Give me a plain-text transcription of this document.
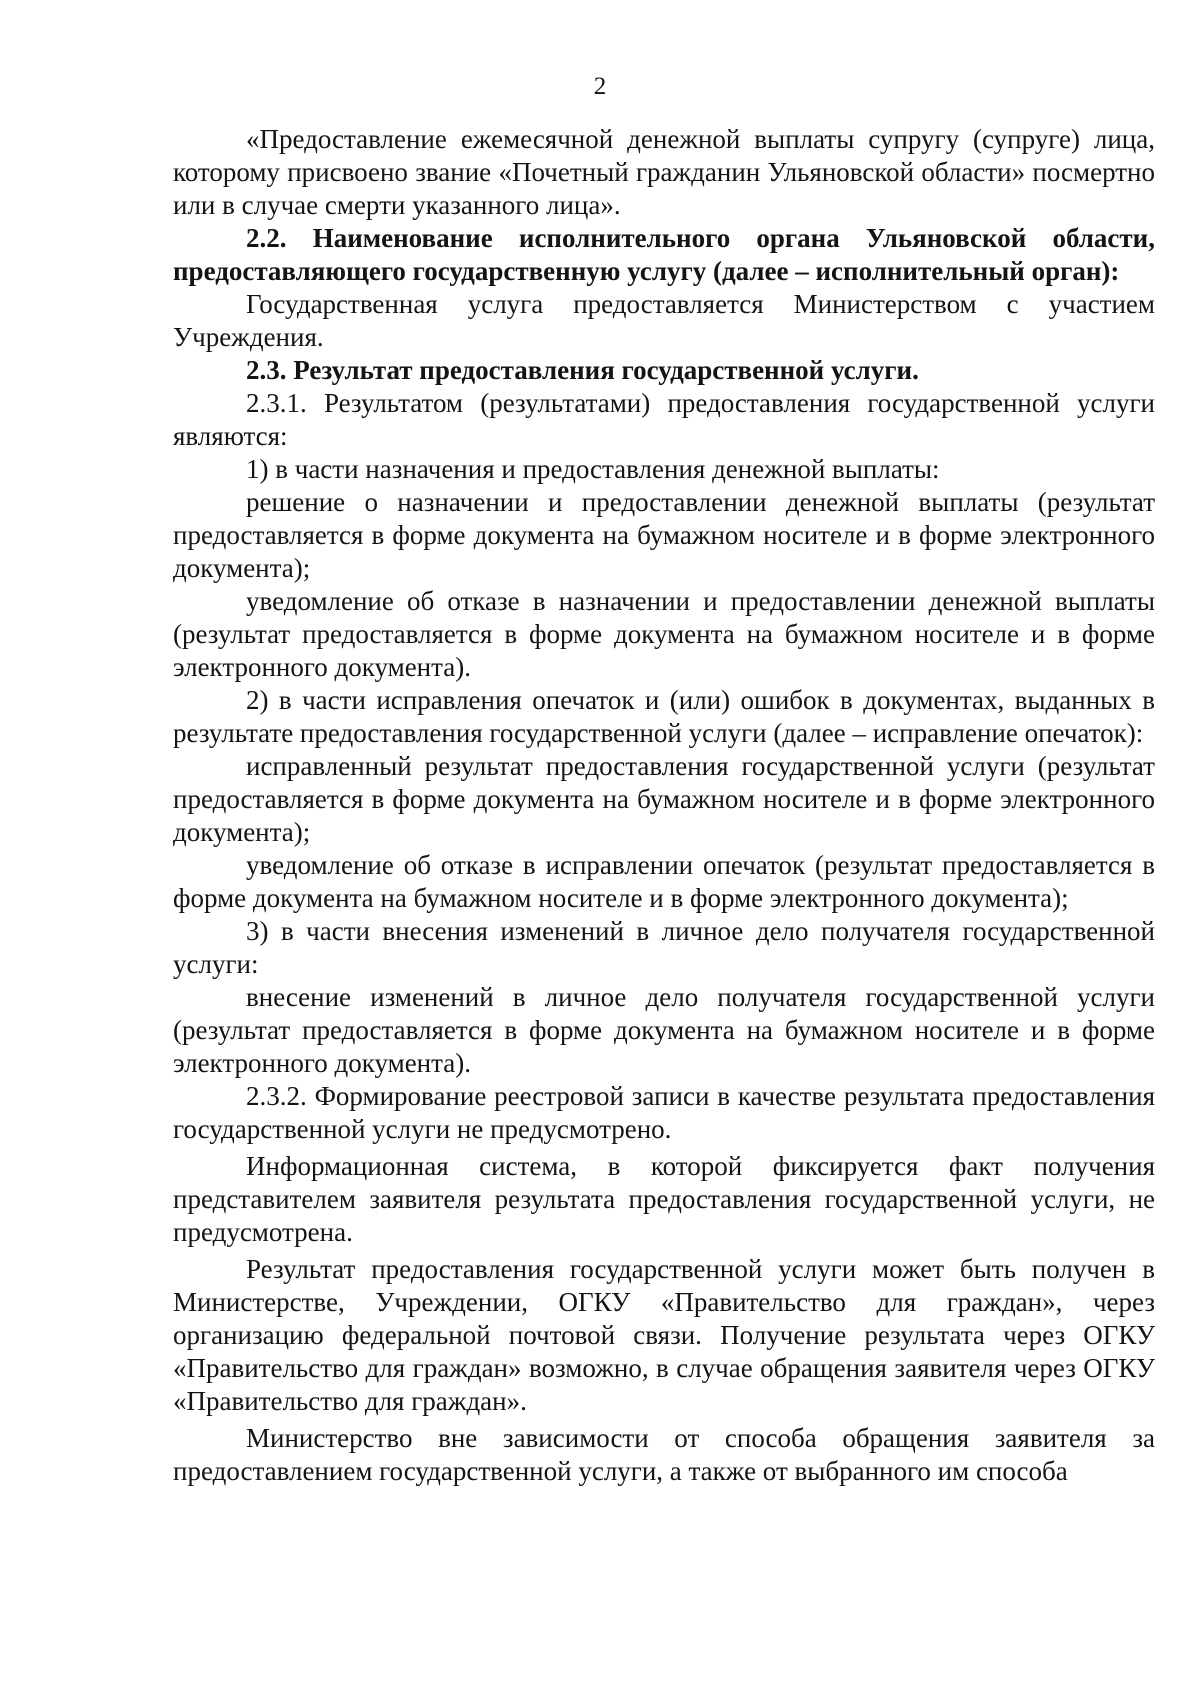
2

«Предоставление ежемесячной денежной выплаты супругу (супруге) лица, которому присвоено звание «Почетный гражданин Ульяновской области» посмертно или в случае смерти указанного лица».

2.2. Наименование исполнительного органа Ульяновской области, предоставляющего государственную услугу (далее – исполнительный орган):

Государственная услуга предоставляется Министерством с участием Учреждения.

2.3. Результат предоставления государственной услуги.

2.3.1. Результатом (результатами) предоставления государственной услуги являются:

1) в части назначения и предоставления денежной выплаты:

решение о назначении и предоставлении денежной выплаты (результат предоставляется в форме документа на бумажном носителе и в форме электронного документа);

уведомление об отказе в назначении и предоставлении денежной выплаты (результат предоставляется в форме документа на бумажном носителе и в форме электронного документа).

2) в части исправления опечаток и (или) ошибок в документах, выданных в результате предоставления государственной услуги (далее – исправление опечаток):

исправленный результат предоставления государственной услуги (результат предоставляется в форме документа на бумажном носителе и в форме электронного документа);

уведомление об отказе в исправлении опечаток (результат предоставляется в форме документа на бумажном носителе и в форме электронного документа);

3) в части внесения изменений в личное дело получателя государственной услуги:

внесение изменений в личное дело получателя государственной услуги (результат предоставляется в форме документа на бумажном носителе и в форме электронного документа).

2.3.2. Формирование реестровой записи в качестве результата предоставления государственной услуги не предусмотрено.

Информационная система, в которой фиксируется факт получения представителем заявителя результата предоставления государственной услуги, не предусмотрена.

Результат предоставления государственной услуги может быть получен в Министерстве, Учреждении, ОГКУ «Правительство для граждан», через организацию федеральной почтовой связи. Получение результата через ОГКУ «Правительство для граждан» возможно, в случае обращения заявителя через ОГКУ «Правительство для граждан».

Министерство вне зависимости от способа обращения заявителя за предоставлением государственной услуги, а также от выбранного им способа
